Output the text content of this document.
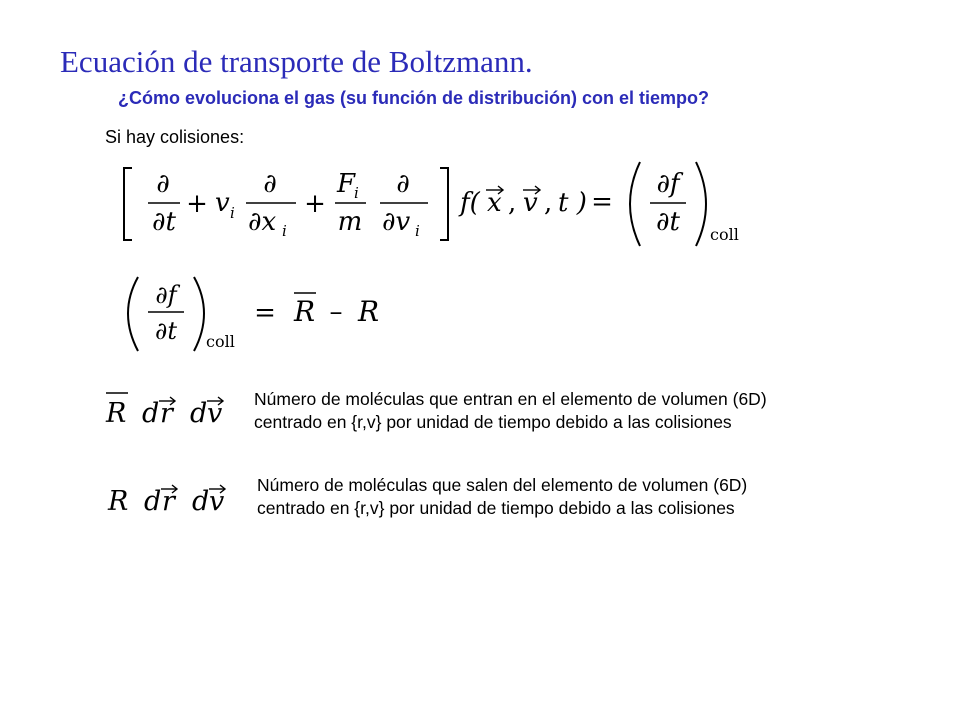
Ecuación de transporte de Boltzmann.
¿Cómo evoluciona el gas (su función de distribución) con el tiempo?
Si hay colisiones:
∂
∂t
+ v i
∂
∂x i
+
F
i
m
∂
∂v i
f( x , v , t ) =
∂f
∂t coll
∂f
∂t coll
= R – R
R d r d v Número de moléculas que entran en el elemento de volumen (6D)
centrado en {r,v} por unidad de tiempo debido a las colisiones
R d r d v
Número de moléculas que salen del elemento de volumen (6D)
centrado en {r,v} por unidad de tiempo debido a las colisiones
